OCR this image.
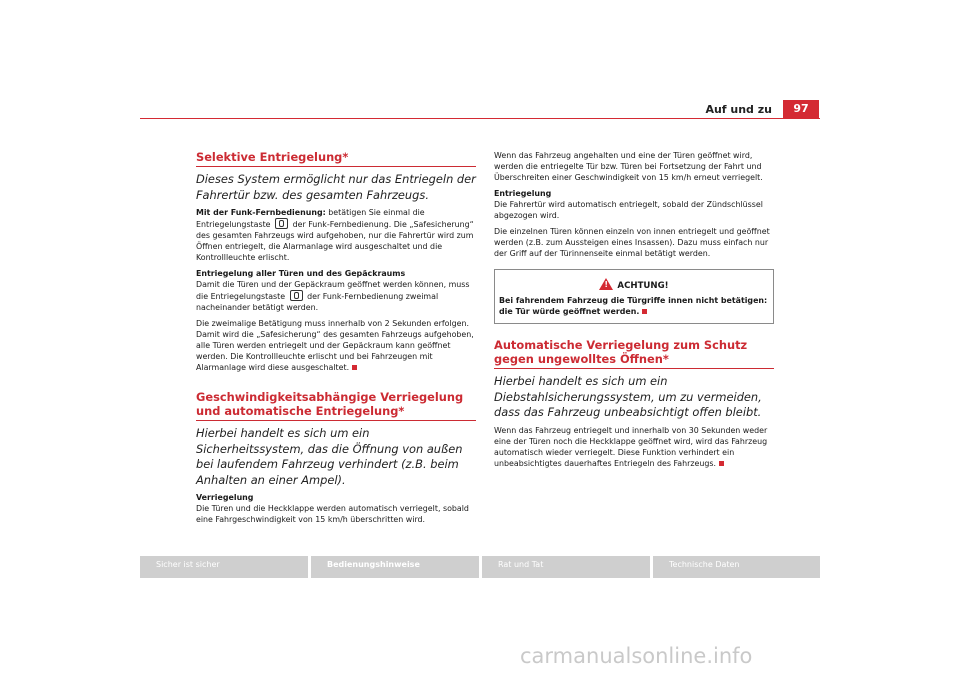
Auf und zu	97
Selektive Entriegelung*
Dieses System ermöglicht nur das Entriegeln der Fahrertür bzw. des gesamten Fahrzeugs.

Mit der Funk-Fernbedienung: betätigen Sie einmal die Entriegelungstaste	der Funk-Fernbedienung. Die „Safesicherung“ des gesamten Fahrzeugs wird aufgehoben, nur die Fahrertür wird zum Öffnen entriegelt, die Alarmanlage wird ausgeschaltet und die Kontrollleuchte erlischt.

Entriegelung aller Türen und des Gepäckraums
Damit die Türen und der Gepäckraum geöffnet werden können, muss die Entriegelungstaste	der Funk-Fernbedienung zweimal nacheinander betätigt werden.

Die zweimalige Betätigung muss innerhalb von 2 Sekunden erfolgen. Damit wird die „Safesicherung“ des gesamten Fahrzeugs aufgehoben, alle Türen werden entriegelt und der Gepäckraum kann geöffnet werden. Die Kontrollleuchte erlischt und bei Fahrzeugen mit Alarmanlage wird diese ausgeschaltet.

Geschwindigkeitsabhängige Verriegelung und automatische Entriegelung*
Hierbei handelt es sich um ein Sicherheitssystem, das die Öffnung von außen bei laufendem Fahrzeug verhindert (z.B. beim Anhalten an einer Ampel).

Verriegelung
Die Türen und die Heckklappe werden automatisch verriegelt, sobald eine Fahrgeschwindigkeit von 15 km/h überschritten wird.

Wenn das Fahrzeug angehalten und eine der Türen geöffnet wird, werden die entriegelte Tür bzw. Türen bei Fortsetzung der Fahrt und Überschreiten einer Geschwindigkeit von 15 km/h erneut verriegelt.

Entriegelung
Die Fahrertür wird automatisch entriegelt, sobald der Zündschlüssel abgezogen wird.

Die einzelnen Türen können einzeln von innen entriegelt und geöffnet werden (z.B. zum Aussteigen eines Insassen). Dazu muss einfach nur der Griff auf der Türinnenseite einmal betätigt werden.

!ACHTUNG!
Bei fahrendem Fahrzeug die Türgriffe innen nicht betätigen: die Tür würde geöffnet werden.
Automatische Verriegelung zum Schutz gegen ungewolltes Öffnen*
Hierbei handelt es sich um ein Diebstahlsicherungssystem, um zu vermeiden, dass das Fahrzeug unbeabsichtigt offen bleibt.

Wenn das Fahrzeug entriegelt und innerhalb von 30 Sekunden weder eine der Türen noch die Heckklappe geöffnet wird, wird das Fahrzeug automatisch wieder verriegelt. Diese Funktion verhindert ein unbeabsichtigtes dauerhaftes Entriegeln des Fahrzeugs.

Sicher ist sicher	Bedienungshinweise	Rat und Tat	Technische Daten
carmanualsonline.info
